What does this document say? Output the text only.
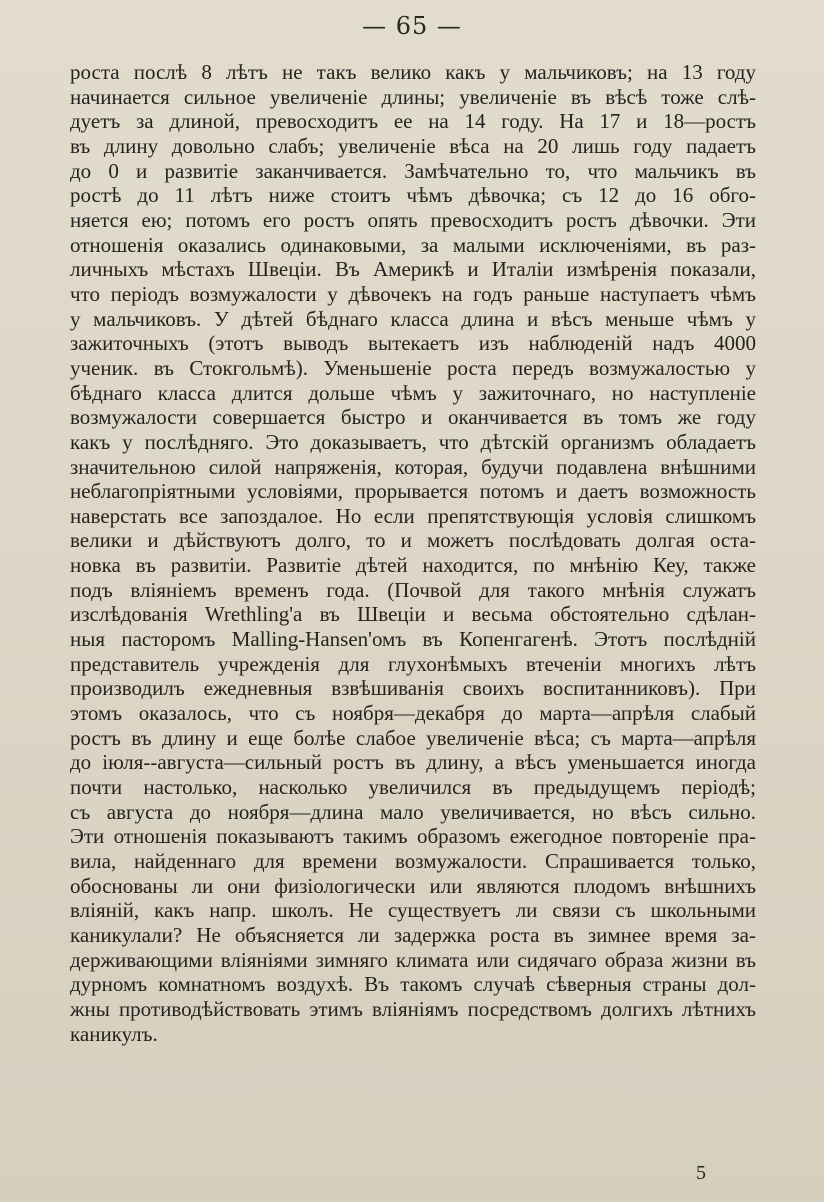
— 65 —
роста послѣ 8 лѣтъ не такъ велико какъ у мальчиковъ; на 13 году
начинается сильное увеличеніе длины; увеличеніе въ вѣсѣ тоже слѣ-
дуетъ за длиной, превосходитъ ее на 14 году. На 17 и 18—ростъ
въ длину довольно слабъ; увеличеніе вѣса на 20 лишь году падаетъ
до 0 и развитіе заканчивается. Замѣчательно то, что мальчикъ въ
ростѣ до 11 лѣтъ ниже стоитъ чѣмъ дѣвочка; съ 12 до 16 обго-
няется ею; потомъ его ростъ опять превосходитъ ростъ дѣвочки. Эти
отношенія оказались одинаковыми, за малыми исключеніями, въ раз-
личныхъ мѣстахъ Швеціи. Въ Америкѣ и Италіи измѣренія показали,
что періодъ возмужалости у дѣвочекъ на годъ раньше наступаетъ чѣмъ
у мальчиковъ. У дѣтей бѣднаго класса длина и вѣсъ меньше чѣмъ у
зажиточныхъ (этотъ выводъ вытекаетъ изъ наблюденій надъ 4000
ученик. въ Стокгольмѣ). Уменьшеніе роста передъ возмужалостью у
бѣднаго класса длится дольше чѣмъ у зажиточнаго, но наступленіе
возмужалости совершается быстро и оканчивается въ томъ же году
какъ у послѣдняго. Это доказываетъ, что дѣтскій организмъ обладаетъ
значительною силой напряженія, которая, будучи подавлена внѣшними
неблагопріятными условіями, прорывается потомъ и даетъ возможность
наверстать все запоздалое. Но если препятствующія условія слишкомъ
велики и дѣйствуютъ долго, то и можетъ послѣдовать долгая оста-
новка въ развитіи. Развитіе дѣтей находится, по мнѣнію Кеу, также
подъ вліяніемъ временъ года. (Почвой для такого мнѣнія служатъ
изслѣдованія Wrethling'а въ Швеціи и весьма обстоятельно сдѣлан-
ныя пасторомъ Malling-Hansen'омъ въ Копенгагенѣ. Этотъ послѣдній
представитель учрежденія для глухонѣмыхъ втеченіи многихъ лѣтъ
производилъ ежедневныя взвѣшиванія своихъ воспитанниковъ). При
этомъ оказалось, что съ ноября—декабря до марта—апрѣля слабый
ростъ въ длину и еще болѣе слабое увеличеніе вѣса; съ марта—апрѣля
до іюля--августа—сильный ростъ въ длину, а вѣсъ уменьшается иногда
почти настолько, насколько увеличился въ предыдущемъ періодѣ;
съ августа до ноября—длина мало увеличивается, но вѣсъ сильно.
Эти отношенія показываютъ такимъ образомъ ежегодное повтореніе пра-
вила, найденнаго для времени возмужалости. Спрашивается только,
обоснованы ли они физіологически или являются плодомъ внѣшнихъ
вліяній, какъ напр. школъ. Не существуетъ ли связи съ школьными
каникулали? Не объясняется ли задержка роста въ зимнее время за-
держивающими вліяніями зимняго климата или сидячаго образа жизни въ
дурномъ комнатномъ воздухѣ. Въ такомъ случаѣ сѣверныя страны дол-
жны противодѣйствовать этимъ вліяніямъ посредствомъ долгихъ лѣтнихъ
каникулъ.
5
